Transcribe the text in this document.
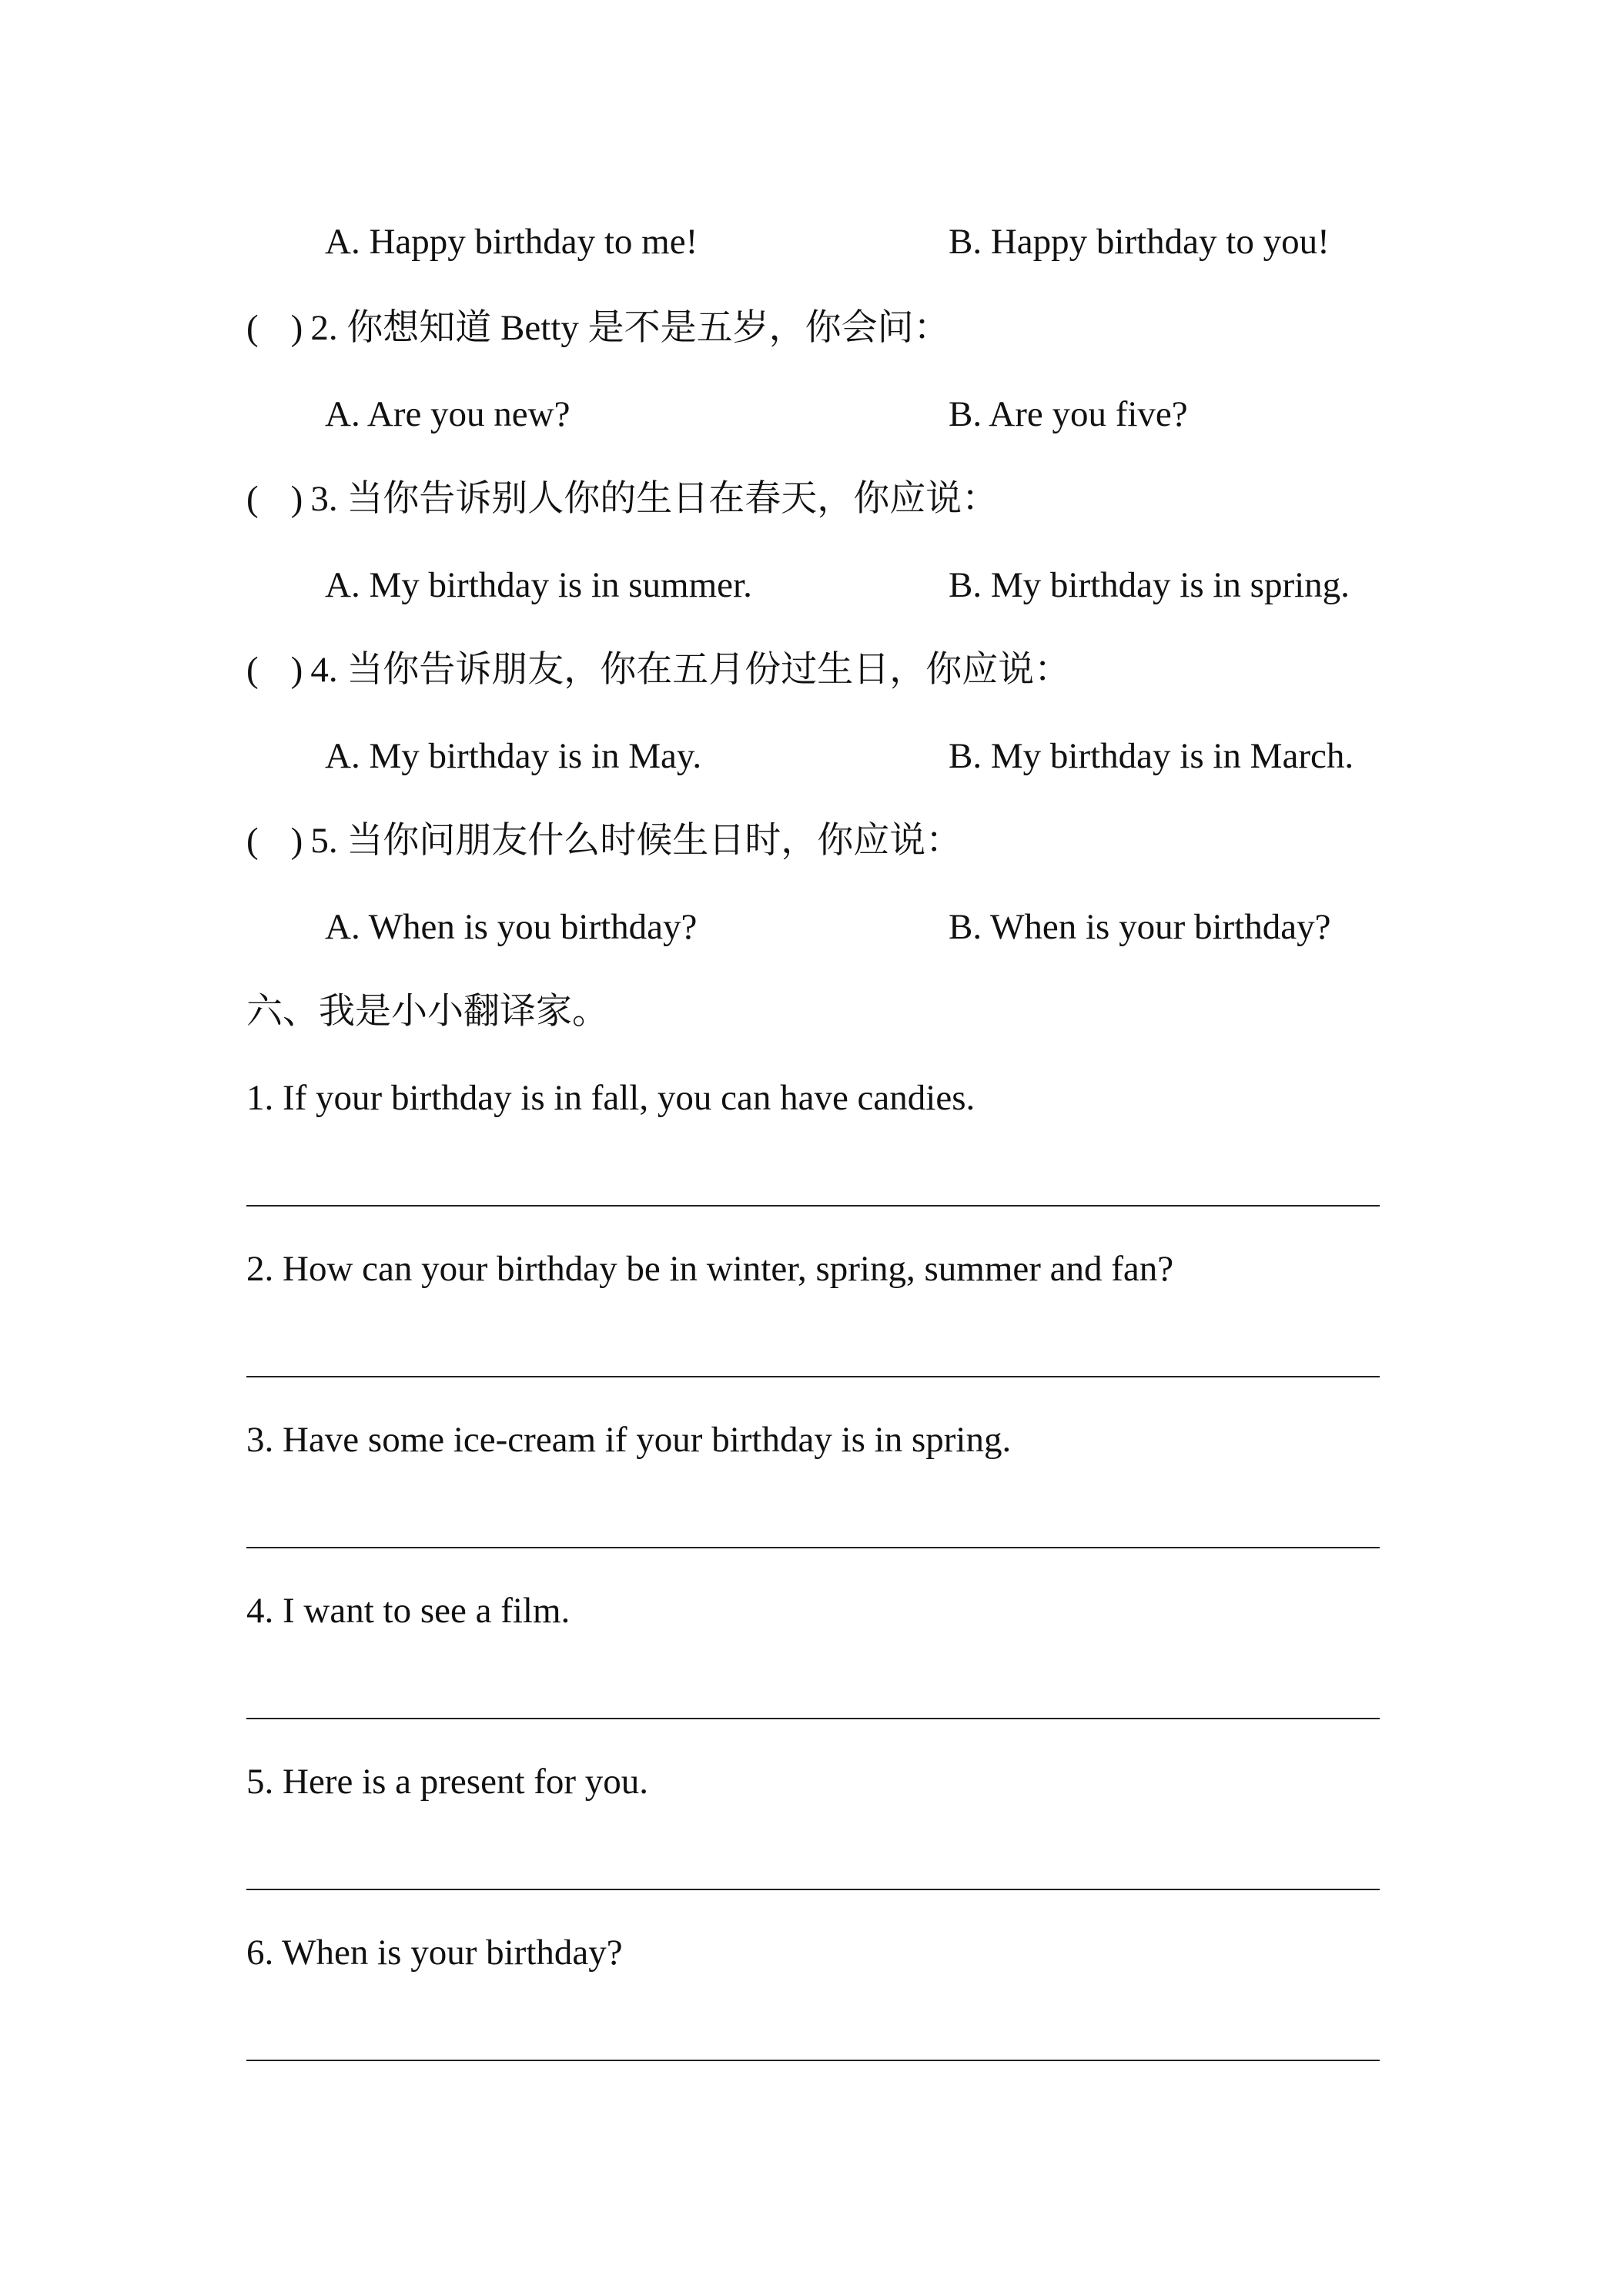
A. Happy birthday to me!	B. Happy birthday to you!
( ) 2. 你想知道 Betty 是不是五岁，你会问：
A. Are you new?	B. Are you five?
( ) 3. 当你告诉别人你的生日在春天，你应说：
A. My birthday is in summer.	B. My birthday is in spring.
( ) 4. 当你告诉朋友，你在五月份过生日，你应说：
A. My birthday is in May.	B. My birthday is in March.
( ) 5. 当你问朋友什么时候生日时，你应说：
A. When is you birthday?	B. When is your birthday?
六、我是小小翻译家。
1. If your birthday is in fall, you can have candies.
2. How can your birthday be in winter, spring, summer and fan?
3. Have some ice-cream if your birthday is in spring.
4. I want to see a film.
5. Here is a present for you.
6. When is your birthday?
